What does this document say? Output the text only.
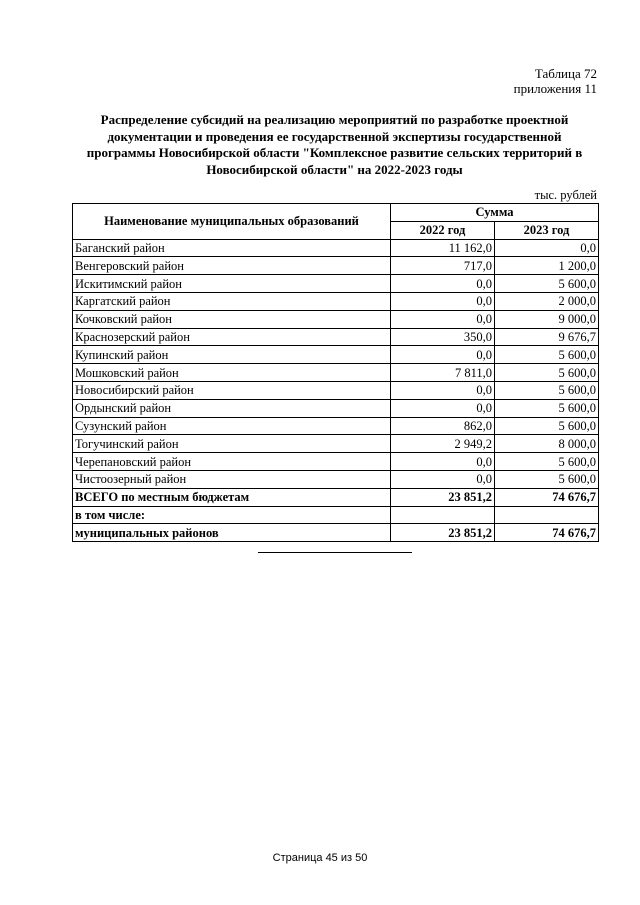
Таблица 72
приложения 11
Распределение субсидий на реализацию мероприятий по разработке проектной документации и проведения ее государственной экспертизы государственной программы Новосибирской области "Комплексное развитие сельских территорий в Новосибирской области" на 2022-2023 годы
тыс. рублей
Наименование муниципальных образований	Сумма	
	2022 год	2023 год
Баганский район	11 162,0	0,0
Венгеровский район	717,0	1 200,0
Искитимский район	0,0	5 600,0
Каргатский район	0,0	2 000,0
Кочковский район	0,0	9 000,0
Краснозерский район	350,0	9 676,7
Купинский район	0,0	5 600,0
Мошковский район	7 811,0	5 600,0
Новосибирский район	0,0	5 600,0
Ордынский район	0,0	5 600,0
Сузунский район	862,0	5 600,0
Тогучинский район	2 949,2	8 000,0
Черепановский район	0,0	5 600,0
Чистоозерный район	0,0	5 600,0
ВСЕГО по местным бюджетам	23 851,2	74 676,7
в том числе:		
муниципальных районов	23 851,2	74 676,7
Страница 45 из 50
